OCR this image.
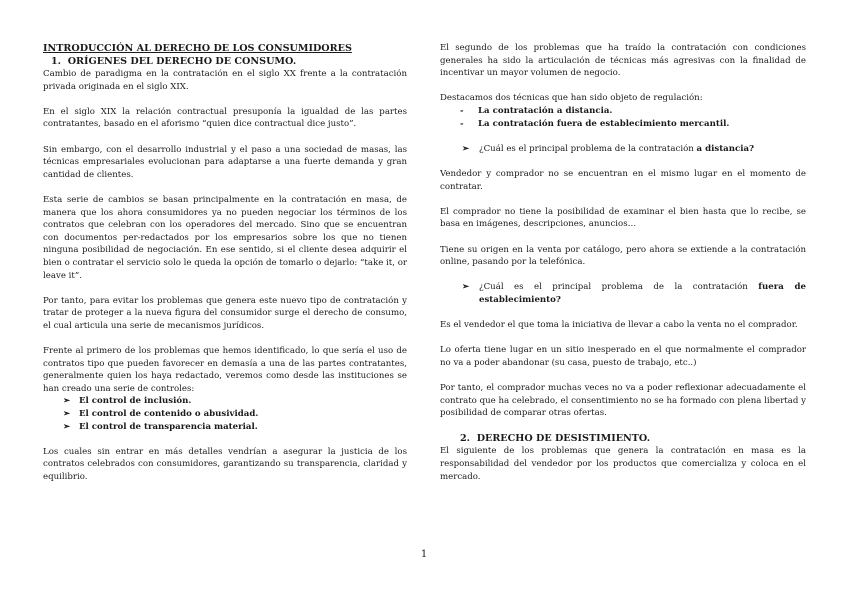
INTRODUCCIÓN AL DERECHO DE LOS CONSUMIDORES

1. ORÍGENES DEL DERECHO DE CONSUMO.

Cambio de paradigma en la contratación en el siglo XX frente a la contratación privada originada en el siglo XIX.

En el siglo XIX la relación contractual presuponía la igualdad de las partes contratantes, basado en el aforismo “quien dice contractual dice justo”.

Sin embargo, con el desarrollo industrial y el paso a una sociedad de masas, las técnicas empresariales evolucionan para adaptarse a una fuerte demanda y gran cantidad de clientes.

Esta serie de cambios se basan principalmente en la contratación en masa, de manera que los ahora consumidores ya no pueden negociar los términos de los contratos que celebran con los operadores del mercado. Sino que se encuentran con documentos per-redactados por los empresarios sobre los que no tienen ninguna posibilidad de negociación. En ese sentido, si el cliente desea adquirir el bien o contratar el servicio solo le queda la opción de tomarlo o dejarlo: “take it, or leave it”.

Por tanto, para evitar los problemas que genera este nuevo tipo de contratación y tratar de proteger a la nueva figura del consumidor surge el derecho de consumo, el cual articula una serie de mecanismos jurídicos.

Frente al primero de los problemas que hemos identificado, lo que sería el uso de contratos tipo que pueden favorecer en demasía a una de las partes contratantes, generalmente quien los haya redactado, veremos como desde las instituciones se han creado una serie de controles:

➢ El control de inclusión.
➢ El control de contenido o abusividad.
➢ El control de transparencia material.

Los cuales sin entrar en más detalles vendrían a asegurar la justicia de los contratos celebrados con consumidores, garantizando su transparencia, claridad y equilibrio.

El segundo de los problemas que ha traído la contratación con condiciones generales ha sido la articulación de técnicas más agresivas con la finalidad de incentivar un mayor volumen de negocio.

Destacamos dos técnicas que han sido objeto de regulación:

- La contratación a distancia.
- La contratación fuera de establecimiento mercantil.

➢ ¿Cuál es el principal problema de la contratación a distancia?

Vendedor y comprador no se encuentran en el mismo lugar en el momento de contratar.

El comprador no tiene la posibilidad de examinar el bien hasta que lo recibe, se basa en imágenes, descripciones, anuncios…

Tiene su origen en la venta por catálogo, pero ahora se extiende a la contratación online, pasando por la telefónica.

➢ ¿Cuál es el principal problema de la contratación fuera de establecimiento?

Es el vendedor el que toma la iniciativa de llevar a cabo la venta no el comprador.

Lo oferta tiene lugar en un sitio inesperado en el que normalmente el comprador no va a poder abandonar (su casa, puesto de trabajo, etc..)

Por tanto, el comprador muchas veces no va a poder reflexionar adecuadamente el contrato que ha celebrado, el consentimiento no se ha formado con plena libertad y posibilidad de comparar otras ofertas.

2. DERECHO DE DESISTIMIENTO.

El siguiente de los problemas que genera la contratación en masa es la responsabilidad del vendedor por los productos que comercializa y coloca en el mercado.

1
